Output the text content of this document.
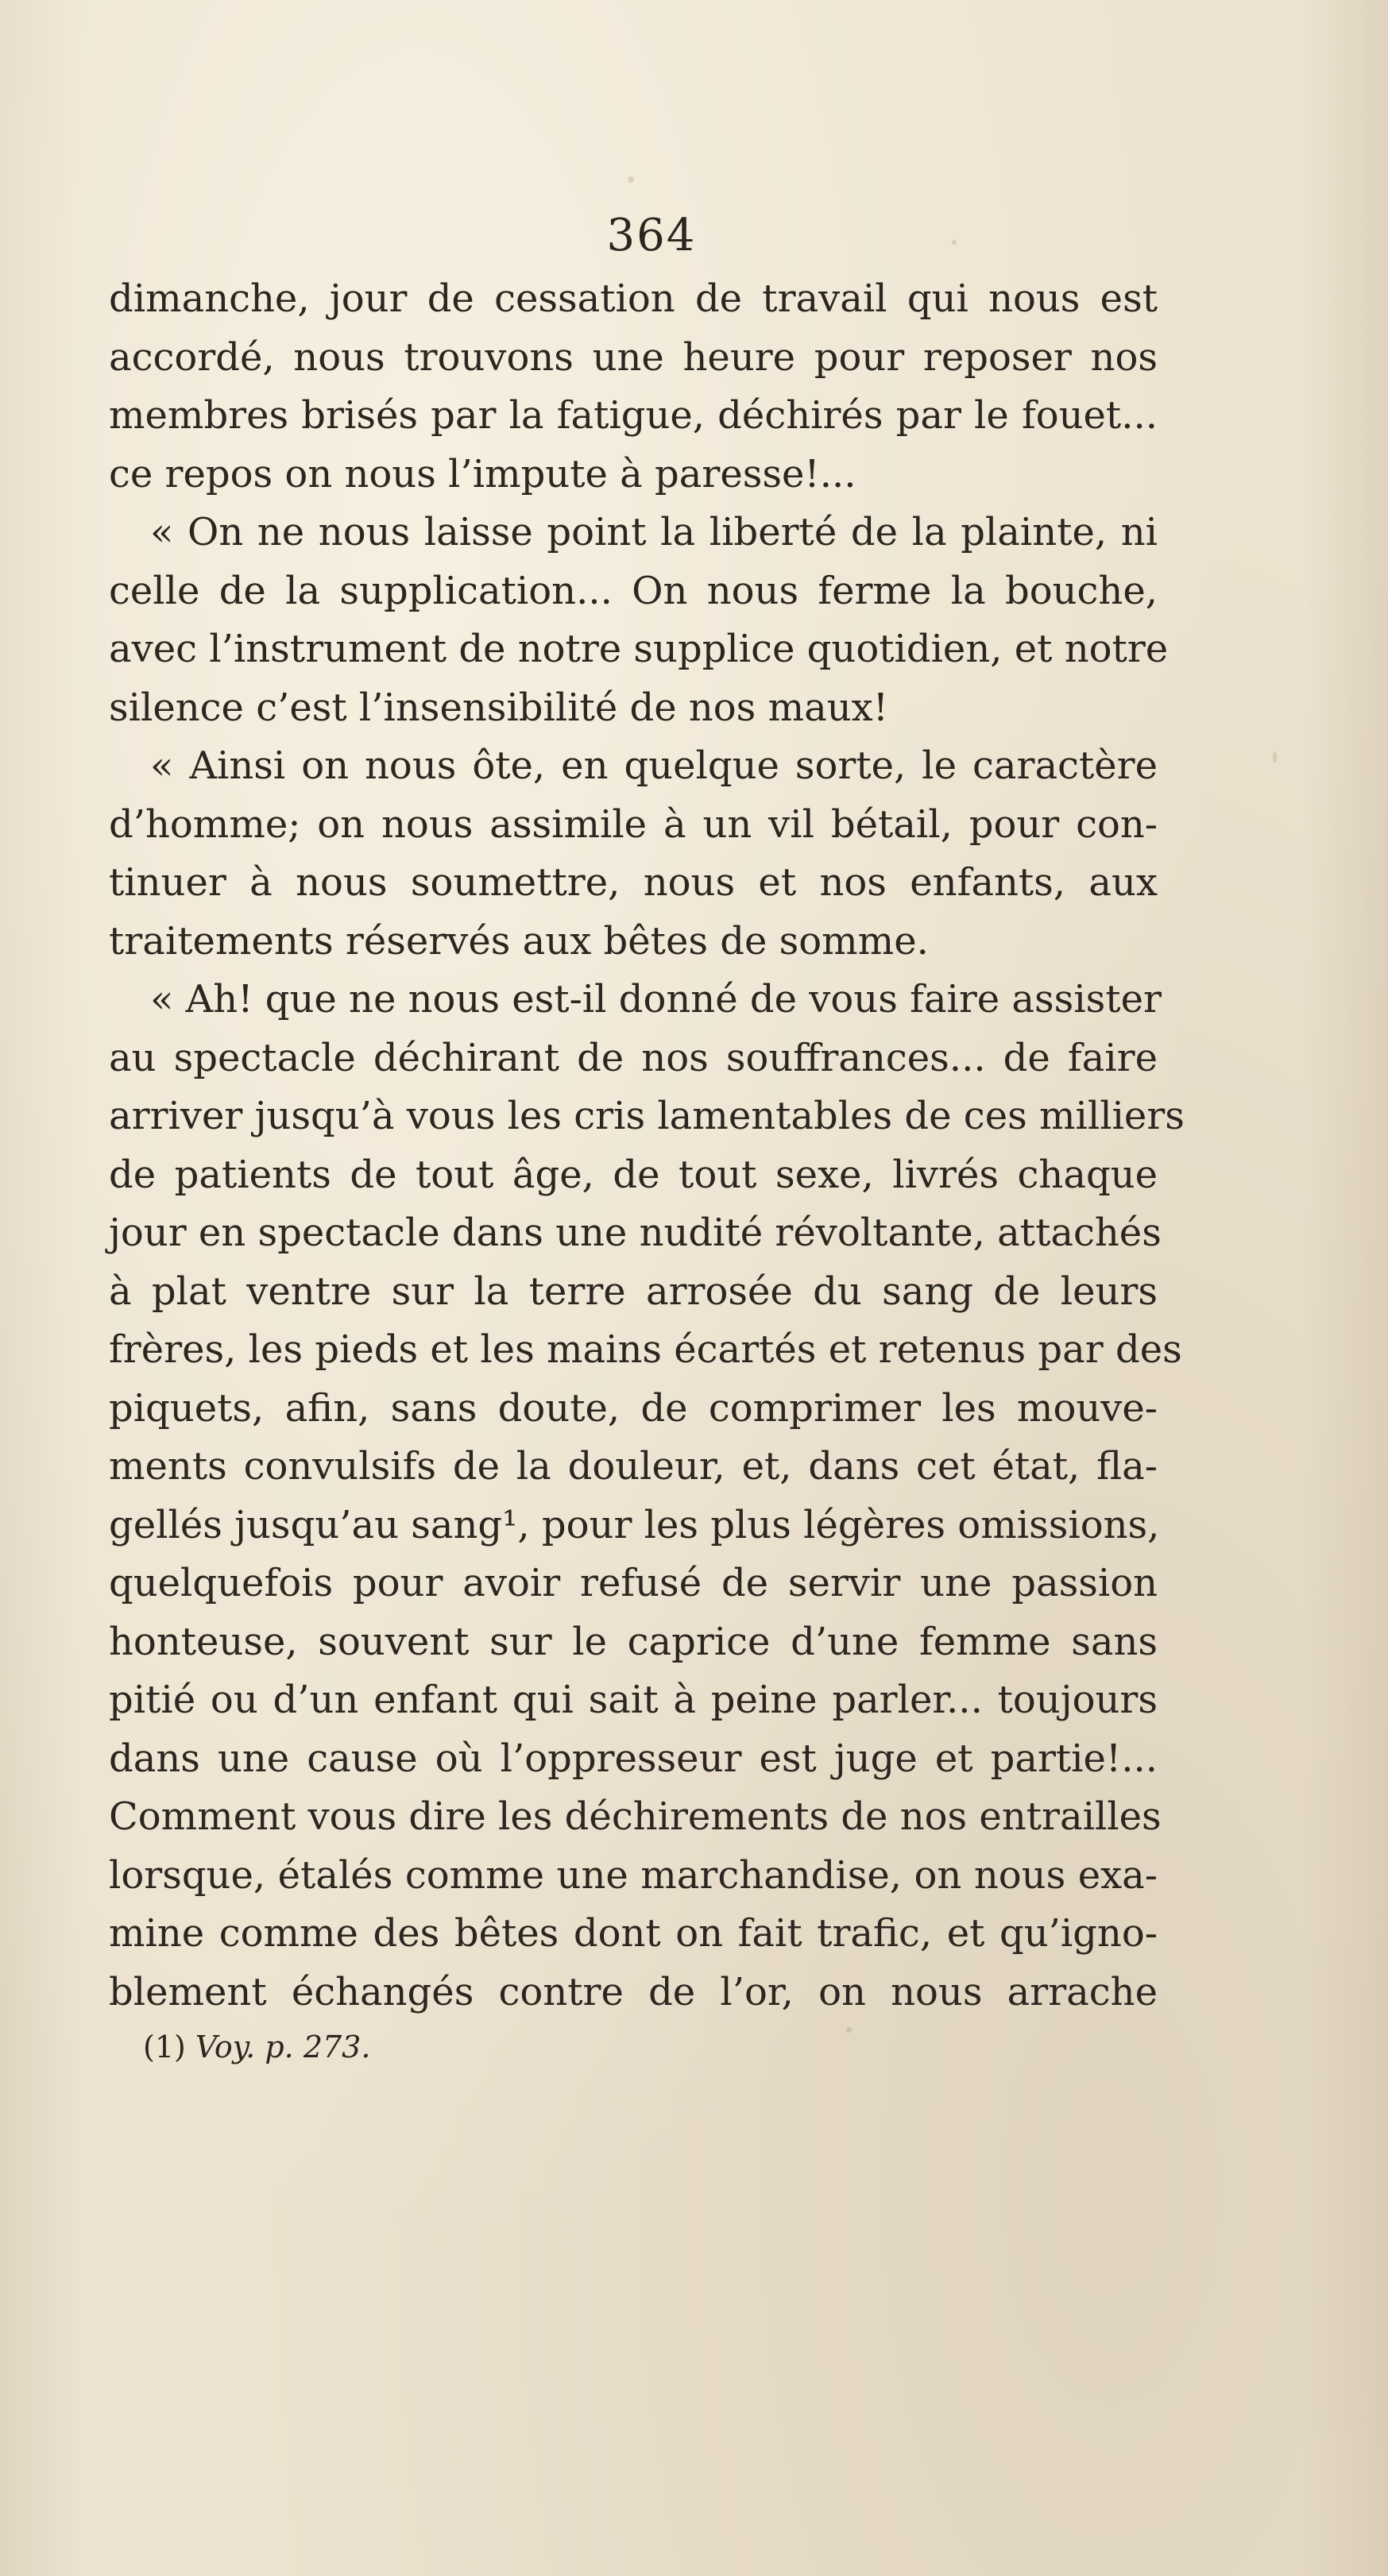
364
dimanche, jour de cessation de travail qui nous est
accordé, nous trouvons une heure pour reposer nos
membres brisés par la fatigue, déchirés par le fouet...
ce repos on nous l’impute à paresse!...
« On ne nous laisse point la liberté de la plainte, ni
celle de la supplication... On nous ferme la bouche,
avec l’instrument de notre supplice quotidien, et notre
silence c’est l’insensibilité de nos maux!
« Ainsi on nous ôte, en quelque sorte, le caractère
d’homme; on nous assimile à un vil bétail, pour con-
tinuer à nous soumettre, nous et nos enfants, aux
traitements réservés aux bêtes de somme.
« Ah! que ne nous est-il donné de vous faire assister
au spectacle déchirant de nos souffrances... de faire
arriver jusqu’à vous les cris lamentables de ces milliers
de patients de tout âge, de tout sexe, livrés chaque
jour en spectacle dans une nudité révoltante, attachés
à plat ventre sur la terre arrosée du sang de leurs
frères, les pieds et les mains écartés et retenus par des
piquets, afin, sans doute, de comprimer les mouve-
ments convulsifs de la douleur, et, dans cet état, fla-
gellés jusqu’au sang¹, pour les plus légères omissions,
quelquefois pour avoir refusé de servir une passion
honteuse, souvent sur le caprice d’une femme sans
pitié ou d’un enfant qui sait à peine parler... toujours
dans une cause où l’oppresseur est juge et partie!...
Comment vous dire les déchirements de nos entrailles
lorsque, étalés comme une marchandise, on nous exa-
mine comme des bêtes dont on fait trafic, et qu’igno-
blement échangés contre de l’or, on nous arrache
(1) Voy. p. 273.
